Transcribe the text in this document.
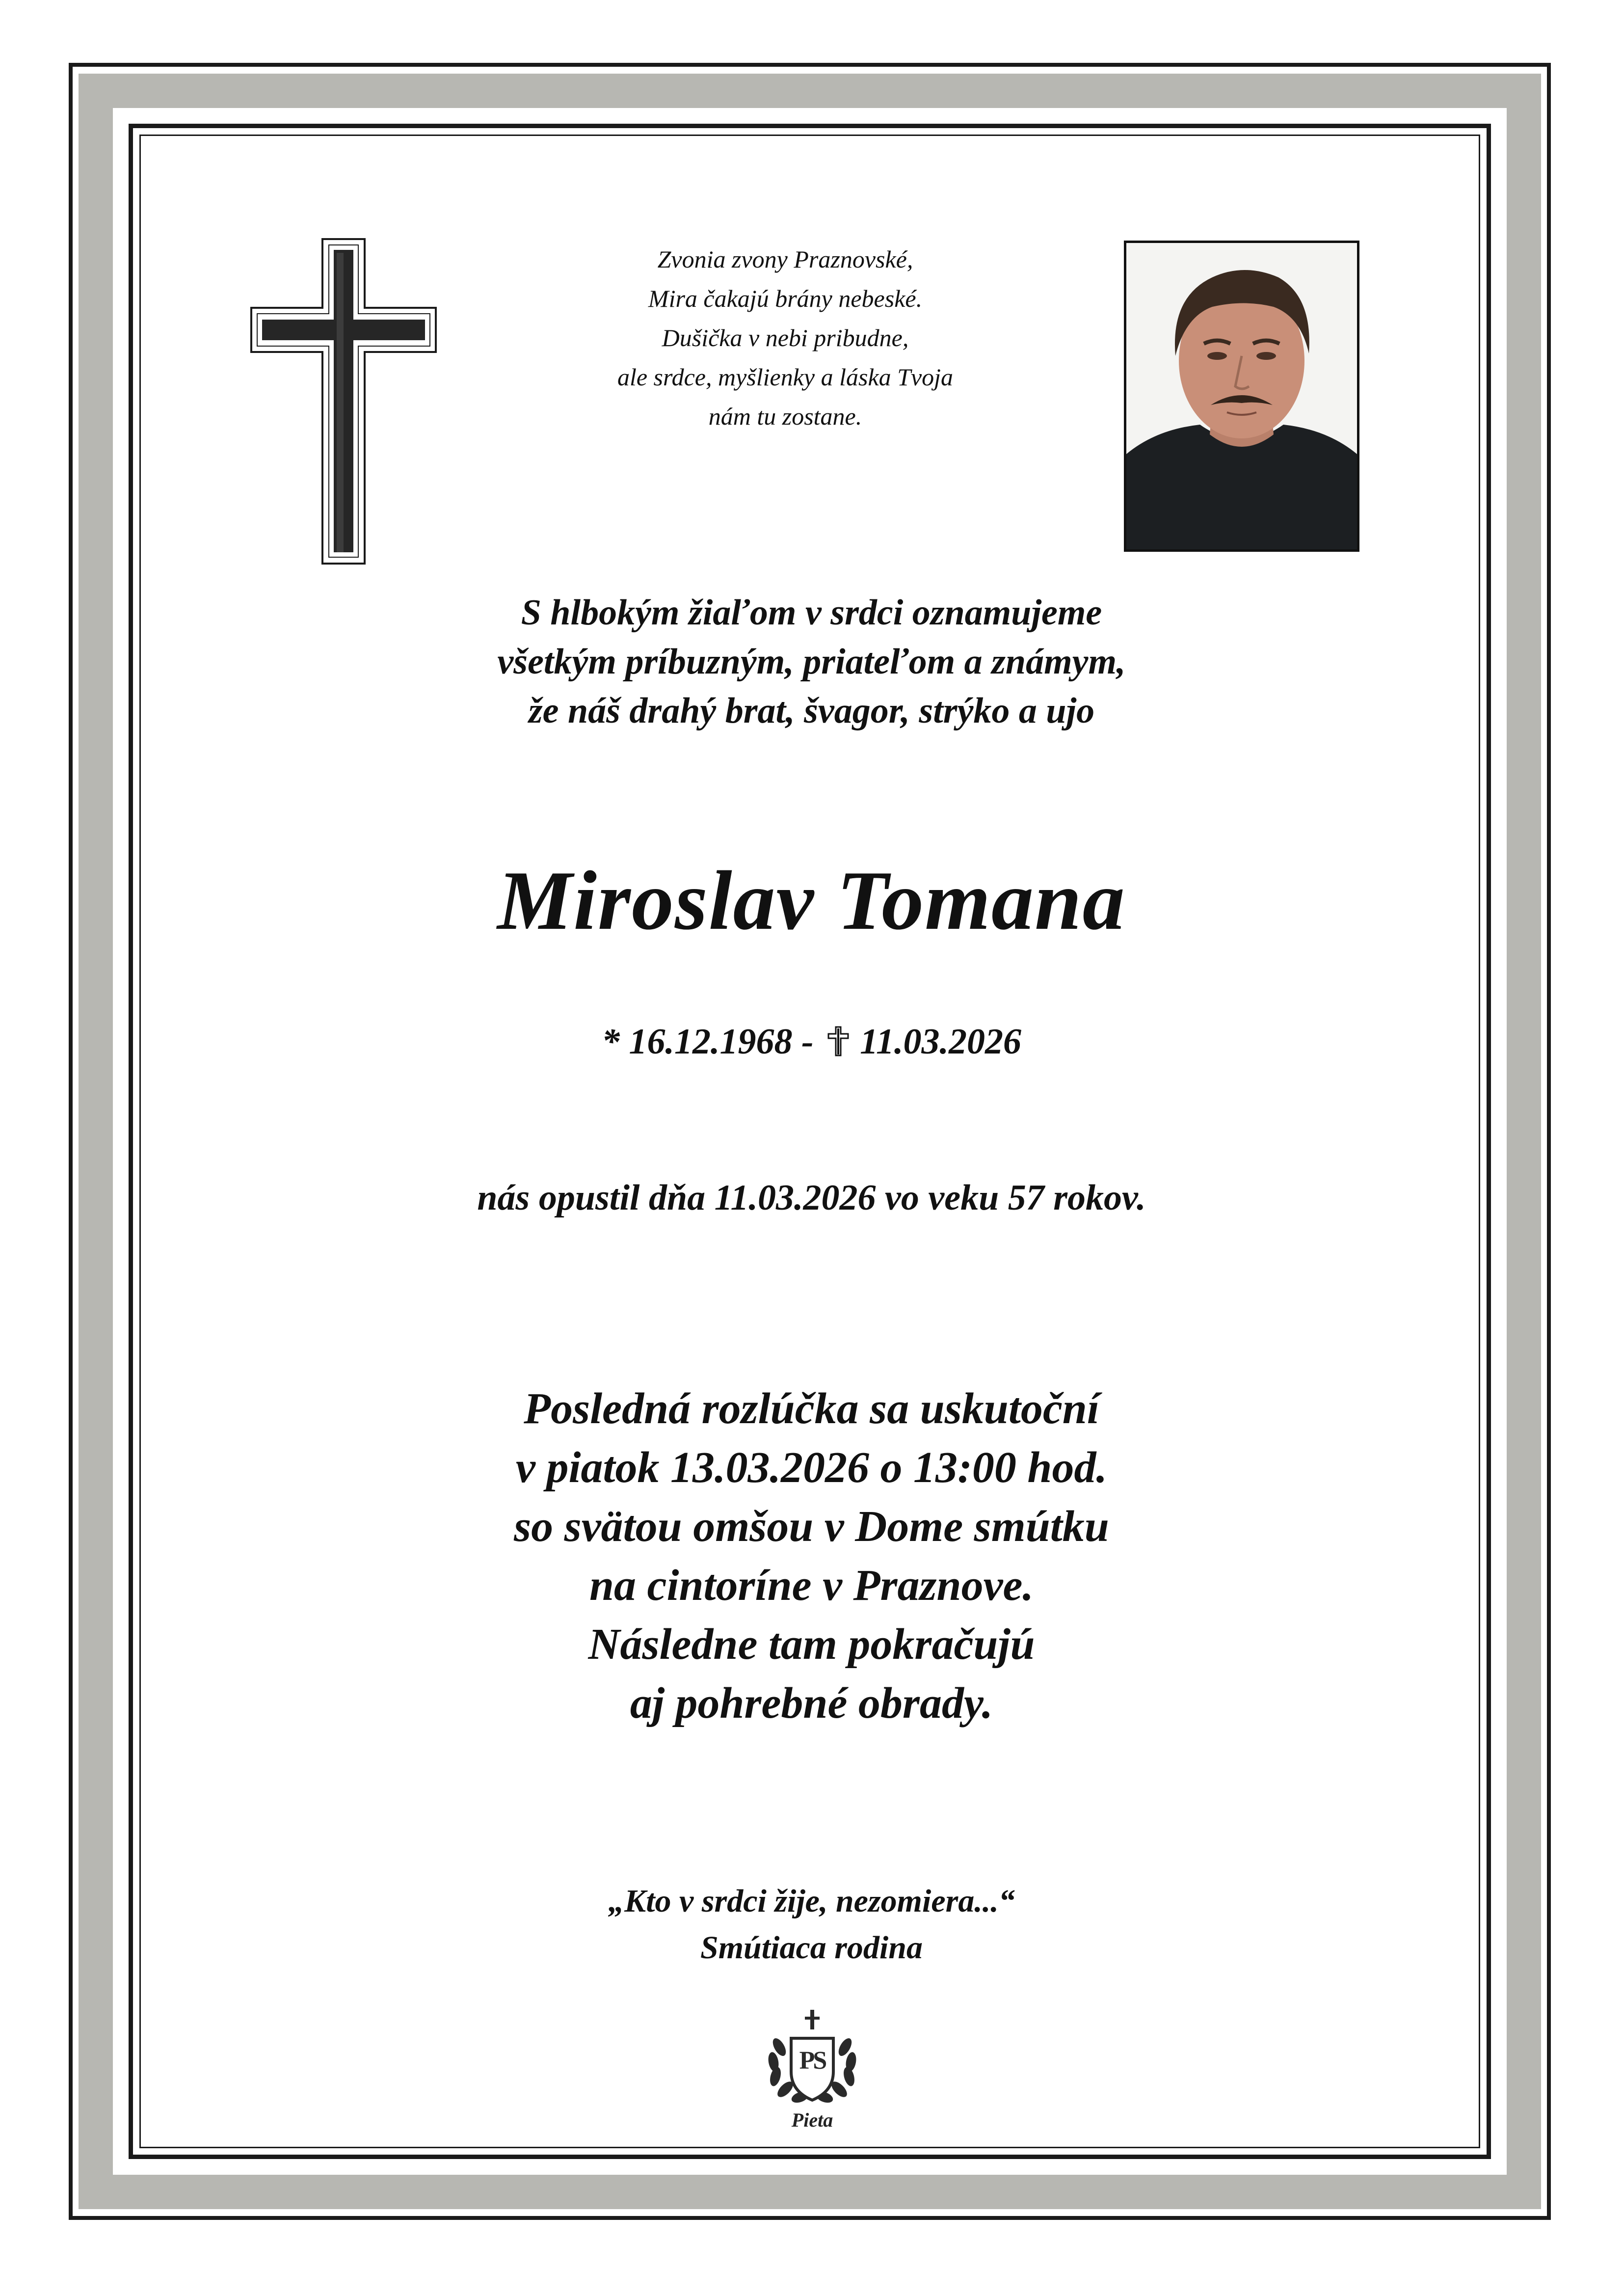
Zvonia zvony Praznovské,
Mira čakajú brány nebeské.
Dušička v nebi pribudne,
ale srdce, myšlienky a láska Tvoja
nám tu zostane.
S hlbokým žiaľom v srdci oznamujeme
všetkým príbuzným, priateľom a známym,
že náš drahý brat, švagor, strýko a ujo
Miroslav Tomana
* 16.12.1968 - 11.03.2026
nás opustil dňa 11.03.2026 vo veku 57 rokov.
Posledná rozlúčka sa uskutoční
v piatok 13.03.2026 o 13:00 hod.
so svätou omšou v Dome smútku
na cintoríne v Praznove.
Následne tam pokračujú
aj pohrebné obrady.
„Kto v srdci žije, nezomiera...“
Smútiaca rodina
PS
Pieta
